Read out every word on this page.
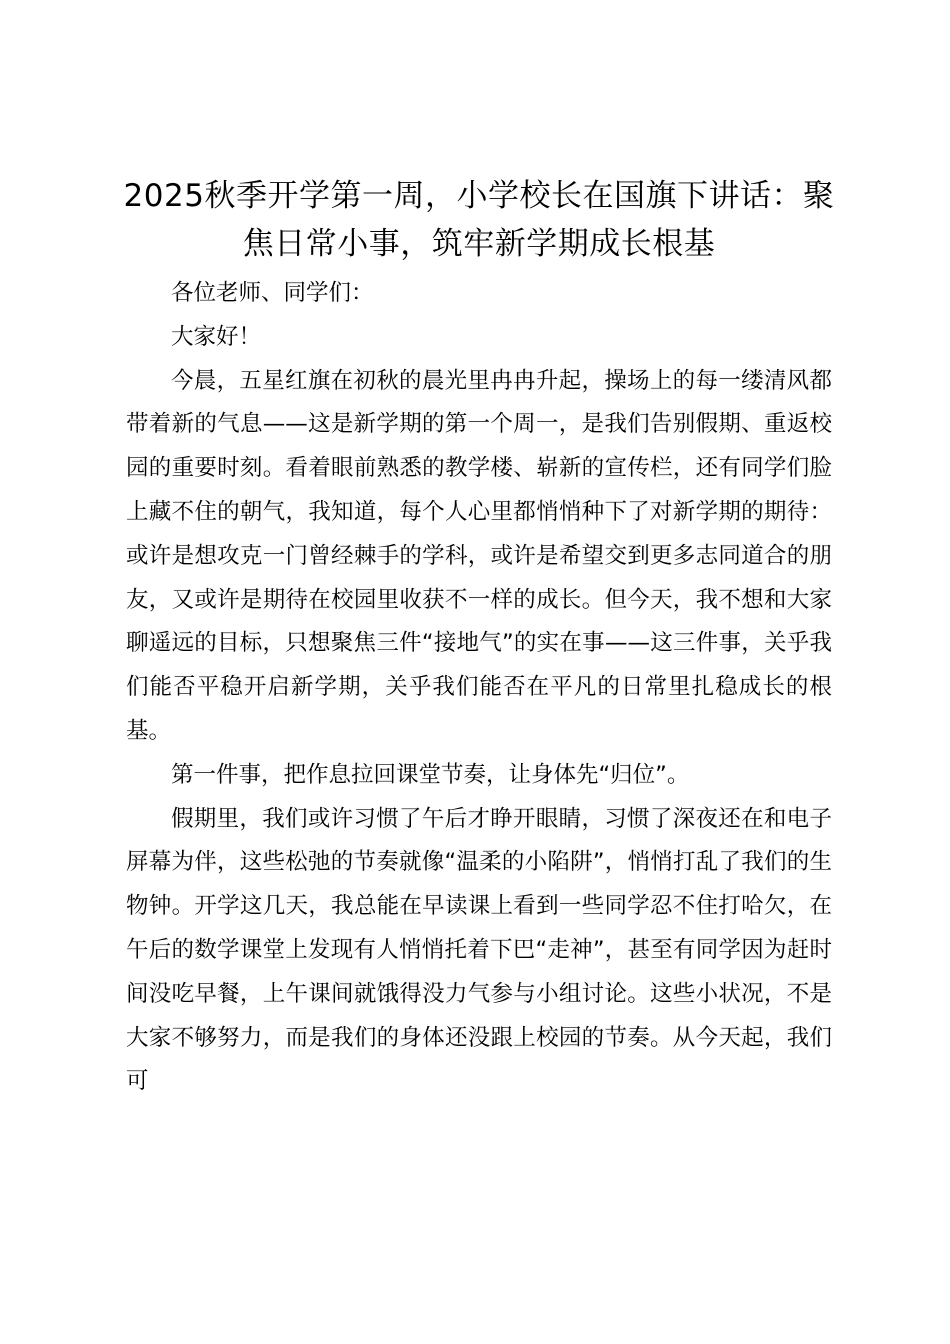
2025秋季开学第一周，小学校长在国旗下讲话：聚焦日常小事，筑牢新学期成长根基

各位老师、同学们：

大家好！

今晨，五星红旗在初秋的晨光里冉冉升起，操场上的每一缕清风都带着新的气息——这是新学期的第一个周一，是我们告别假期、重返校园的重要时刻。看着眼前熟悉的教学楼、崭新的宣传栏，还有同学们脸上藏不住的朝气，我知道，每个人心里都悄悄种下了对新学期的期待：或许是想攻克一门曾经棘手的学科，或许是希望交到更多志同道合的朋友，又或许是期待在校园里收获不一样的成长。但今天，我不想和大家聊遥远的目标，只想聚焦三件“接地气”的实在事——这三件事，关乎我们能否平稳开启新学期，关乎我们能否在平凡的日常里扎稳成长的根基。

第一件事，把作息拉回课堂节奏，让身体先“归位”。

假期里，我们或许习惯了午后才睁开眼睛，习惯了深夜还在和电子屏幕为伴，这些松弛的节奏就像“温柔的小陷阱”，悄悄打乱了我们的生物钟。开学这几天，我总能在早读课上看到一些同学忍不住打哈欠，在午后的数学课堂上发现有人悄悄托着下巴“走神”，甚至有同学因为赶时间没吃早餐，上午课间就饿得没力气参与小组讨论。这些小状况，不是大家不够努力，而是我们的身体还没跟上校园的节奏。从今天起，我们可
